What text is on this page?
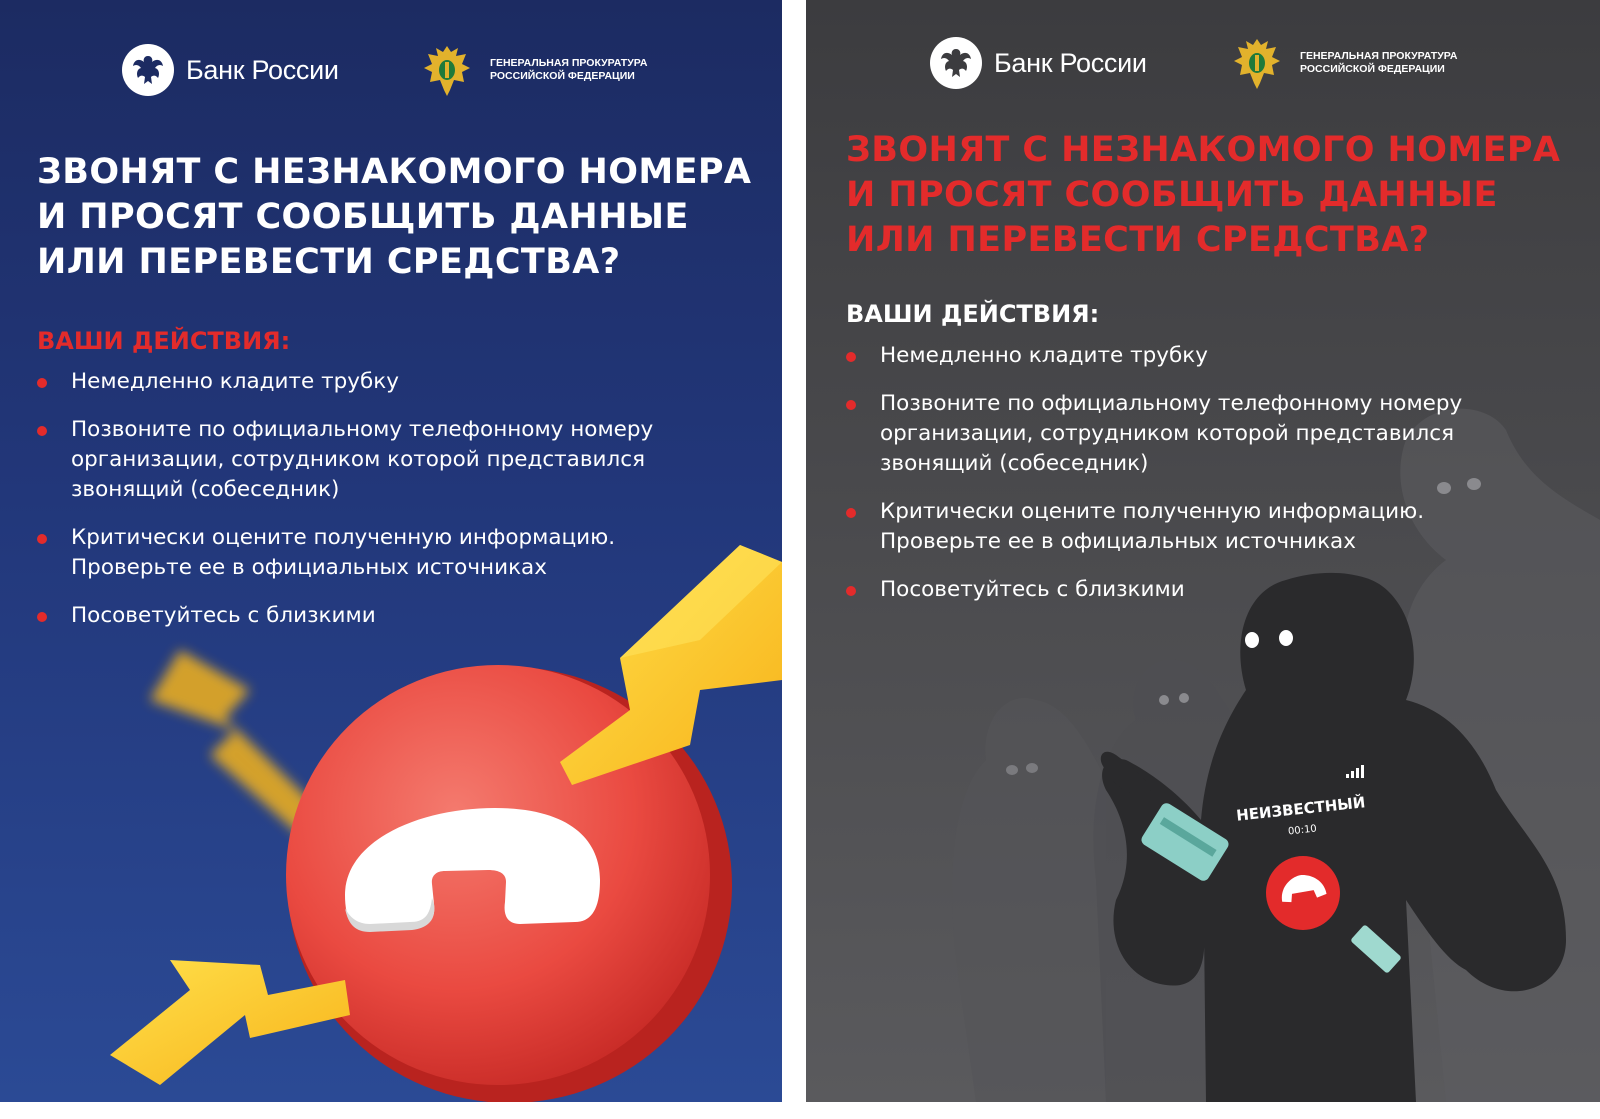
Банк России	ГЕНЕРАЛЬНАЯ ПРОКУРАТУРА
РОССИЙСКОЙ ФЕДЕРАЦИИ
ЗВОНЯТ С НЕЗНАКОМОГО НОМЕРА
И ПРОСЯТ СООБЩИТЬ ДАННЫЕ
ИЛИ ПЕРЕВЕСТИ СРЕДСТВА?
ВАШИ ДЕЙСТВИЯ:
Немедленно кладите трубку
Позвоните по официальному телефонному номеру
организации, сотрудником которой представился
звонящий (собеседник)
Критически оцените полученную информацию.
Проверьте ее в официальных источниках
Посоветуйтесь с близкими
НЕИЗВЕСТНЫЙ
00:10
Банк России	ГЕНЕРАЛЬНАЯ ПРОКУРАТУРА
РОССИЙСКОЙ ФЕДЕРАЦИИ
ЗВОНЯТ С НЕЗНАКОМОГО НОМЕРА
И ПРОСЯТ СООБЩИТЬ ДАННЫЕ
ИЛИ ПЕРЕВЕСТИ СРЕДСТВА?
ВАШИ ДЕЙСТВИЯ:
Немедленно кладите трубку
Позвоните по официальному телефонному номеру
организации, сотрудником которой представился
звонящий (собеседник)
Критически оцените полученную информацию.
Проверьте ее в официальных источниках
Посоветуйтесь с близкими
